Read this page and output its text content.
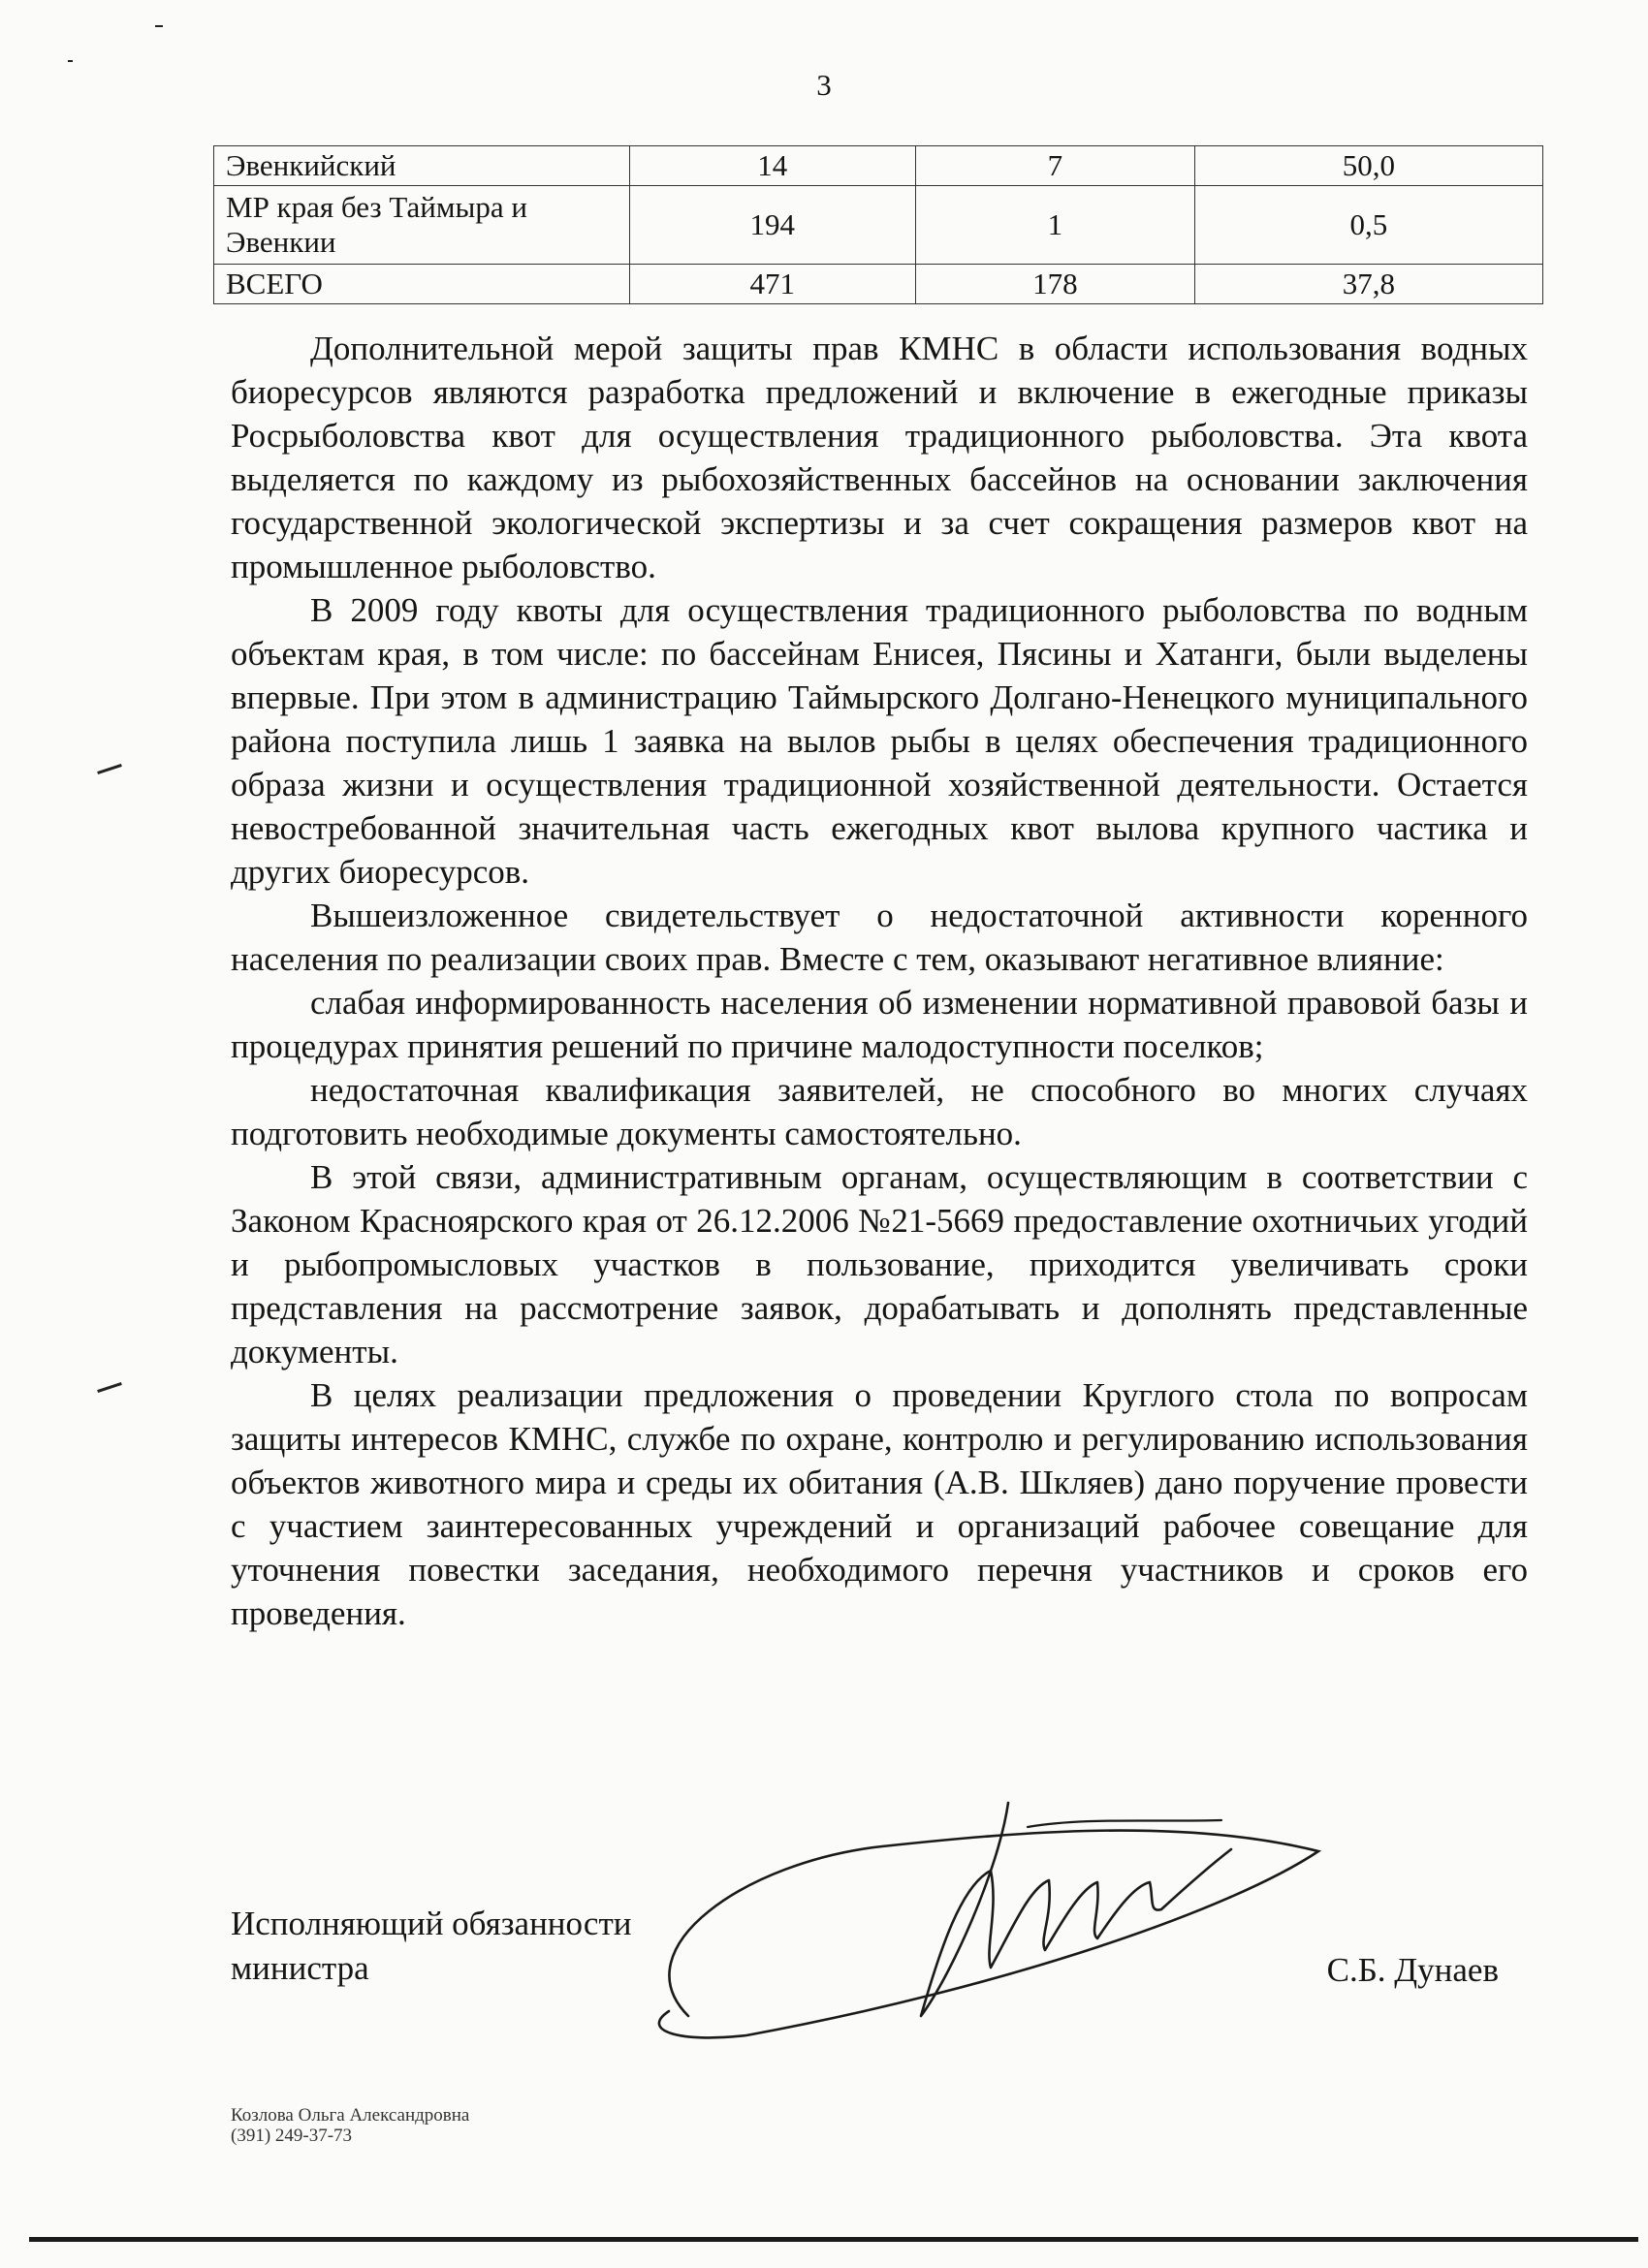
3
Эвенкийский	14	7	50,0
МР края без Таймыра и Эвенкии	194	1	0,5
ВСЕГО	471	178	37,8

Дополнительной мерой защиты прав КМНС в области использования водных биоресурсов являются разработка предложений и включение в ежегодные приказы Росрыболовства квот для осуществления традиционного рыболовства. Эта квота выделяется по каждому из рыбохозяйственных бассейнов на основании заключения государственной экологической экспертизы и за счет сокращения размеров квот на промышленное рыболовство.

В 2009 году квоты для осуществления традиционного рыболовства по водным объектам края, в том числе: по бассейнам Енисея, Пясины и Хатанги, были выделены впервые. При этом в администрацию Таймырского Долгано-Ненецкого муниципального района поступила лишь 1 заявка на вылов рыбы в целях обеспечения традиционного образа жизни и осуществления традиционной хозяйственной деятельности. Остается невостребованной значительная часть ежегодных квот вылова крупного частика и других биоресурсов.

Вышеизложенное свидетельствует о недостаточной активности коренного населения по реализации своих прав. Вместе с тем, оказывают негативное влияние:

слабая информированность населения об изменении нормативной правовой базы и процедурах принятия решений по причине малодоступности поселков;

недостаточная квалификация заявителей, не способного во многих случаях подготовить необходимые документы самостоятельно.

В этой связи, административным органам, осуществляющим в соответствии с Законом Красноярского края от 26.12.2006 №21-5669 предоставление охотничьих угодий и рыбопромысловых участков в пользование, приходится увеличивать сроки представления на рассмотрение заявок, дорабатывать и дополнять представленные документы.

В целях реализации предложения о проведении Круглого стола по вопросам защиты интересов КМНС, службе по охране, контролю и регулированию использования объектов животного мира и среды их обитания (А.В. Шкляев) дано поручение провести с участием заинтересованных учреждений и организаций рабочее совещание для уточнения повестки заседания, необходимого перечня участников и сроков его проведения.

Исполняющий обязанности
министра	С.Б. Дунаев
Козлова Ольга Александровна
(391) 249-37-73
